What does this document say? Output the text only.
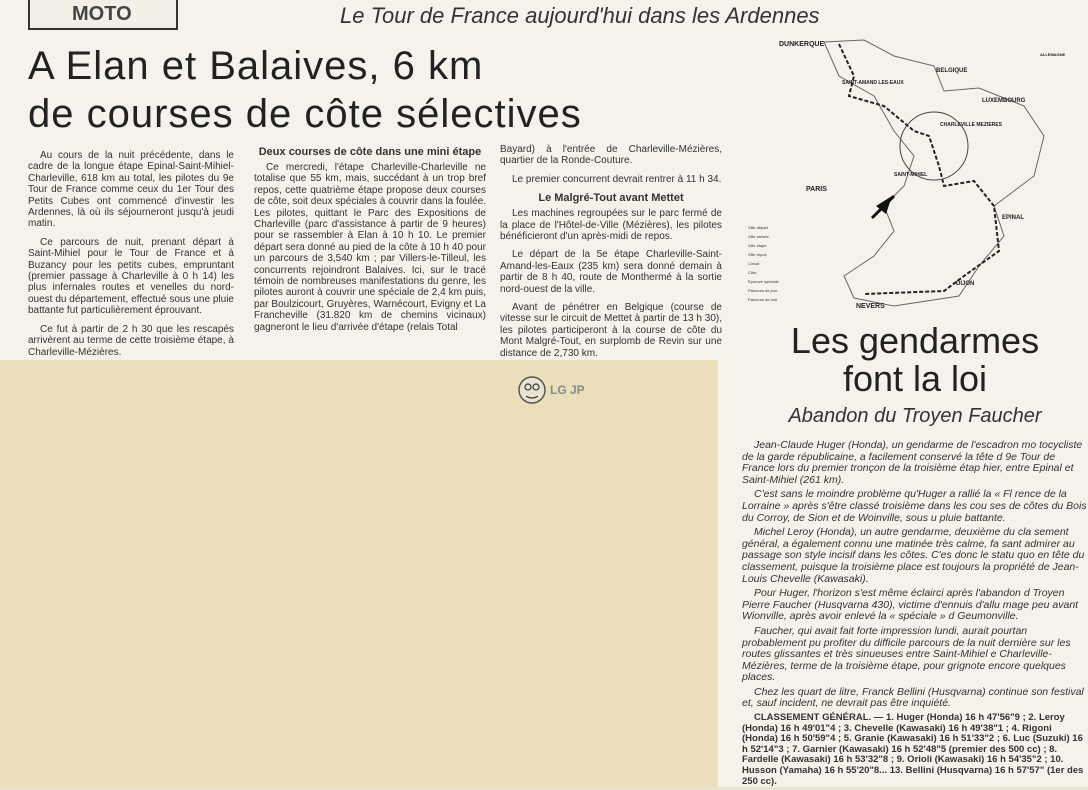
MOTO	Le Tour de France aujourd'hui dans les Ardennes
A Elan et Balaives, 6 km
de courses de côte sélectives

Au cours de la nuit précédente, dans le cadre de la longue étape Epinal-Saint-Mihiel-Charleville, 618 km au total, les pilotes du 9e Tour de France comme ceux du 1er Tour des Petits Cubes ont commencé d'investir les Ardennes, là où ils séjourneront jusqu'à jeudi matin.

Ce parcours de nuit, prenant départ à Saint-Mihiel pour le Tour de France et à Buzancy pour les petits cubes, empruntant (premier passage à Charleville à 0 h 14) les plus infernales routes et venelles du nord-ouest du département, effectué sous une pluie battante fut particulièrement éprouvant.

Ce fut à partir de 2 h 30 que les rescapés arrivèrent au terme de cette troisième étape, à Charleville-Mézières.

Deux courses de côte dans une mini étape

Ce mercredi, l'étape Charleville-Charleville ne totalise que 55 km, mais, succédant à un trop bref repos, cette quatrième étape propose deux courses de côte, soit deux spéciales à couvrir dans la foulée. Les pilotes, quittant le Parc des Expositions de Charleville (parc d'assistance à partir de 9 heures) pour se rassembler à Elan à 10 h 10. Le premier départ sera donné au pied de la côte à 10 h 40 pour un parcours de 3,540 km ; par Villers-le-Tilleul, les concurrents rejoindront Balaives. Ici, sur le tracé témoin de nombreuses manifestations du genre, les pilotes auront à couvrir une spéciale de 2,4 km puis, par Boulzicourt, Gruyères, Warnécourt, Evigny et La Francheville (31.820 km de chemins vicinaux) gagneront le lieu d'arrivée d'étape (relais Total

Bayard) à l'entrée de Charleville-Mézières, quartier de la Ronde-Couture.

Le premier concurrent devrait rentrer à 11 h 34.

Le Malgré-Tout avant Mettet

Les machines regroupées sur le parc fermé de la place de l'Hôtel-de-Ville (Mézières), les pilotes bénéficieront d'un après-midi de repos.

Le départ de la 5e étape Charleville-Saint-Amand-les-Eaux (235 km) sera donné demain à partir de 8 h 40, route de Monthermé à la sortie nord-ouest de la ville.

Avant de pénétrer en Belgique (course de vitesse sur le circuit de Mettet à partir de 13 h 30), les pilotes participeront à la course de côte du Mont Malgré-Tout, en surplomb de Revin sur une distance de 2,730 km.

DUNKERQUE
SAINT-AMAND LES-EAUX
BELGIQUE
LUXEMBOURG
CHARLEVILLE MEZIERES
SAINT-MIHIEL
PARIS
EPINAL
DIJON
NEVERS
ALLEMAGNE
Ville départ
Ville arrivée
Ville étape
Ville repos
Circuit
Côte
Epreuve spéciale
Parcours de jour
Parcours de nuit
Les gendarmes
font la loi
Abandon du Troyen Faucher

Jean-Claude Huger (Honda), un gendarme de l'escadron mo tocycliste de la garde républicaine, a facilement conservé la tête d 9e Tour de France lors du premier tronçon de la troisième étap hier, entre Epinal et Saint-Mihiel (261 km).

C'est sans le moindre problème qu'Huger a rallié la « Fl rence de la Lorraine » après s'être classé troisième dans les cou ses de côtes du Bois du Corroy, de Sion et de Woinville, sous u pluie battante.

Michel Leroy (Honda), un autre gendarme, deuxième du cla sement général, a également connu une matinée très calme, fa sant admirer au passage son style incisif dans les côtes. C'es donc le statu quo en tête du classement, puisque la troisième place est toujours la propriété de Jean-Louis Chevelle (Kawasaki).

Pour Huger, l'horizon s'est même éclairci après l'abandon d Troyen Pierre Faucher (Husqvarna 430), victime d'ennuis d'allu mage peu avant Wionville, après avoir enlevé la « spéciale » d Geumonville.

Faucher, qui avait fait forte impression lundi, aurait pourtan probablement pu profiter du difficile parcours de la nuit dernière sur les routes glissantes et très sinueuses entre Saint-Mihiel e Charleville-Mézières, terme de la troisième étape, pour grignote encore quelques places.

Chez les quart de litre, Franck Bellini (Husqvarna) continue son festival et, sauf incident, ne devrait pas être inquiété.

CLASSEMENT GÉNÉRAL. — 1. Huger (Honda) 16 h 47'56"9 ; 2. Leroy (Honda) 16 h 49'01"4 ; 3. Chevelle (Kawasaki) 16 h 49'38"1 ; 4. Rigoni (Honda) 16 h 50'59"4 ; 5. Granie (Kawasaki) 16 h 51'33"2 ; 6. Luc (Suzuki) 16 h 52'14"3 ; 7. Garnier (Kawasaki) 16 h 52'48"5 (premier des 500 cc) ; 8. Fardelle (Kawasaki) 16 h 53'32"8 ; 9. Orioli (Kawasaki) 16 h 54'35"2 ; 10. Husson (Yamaha) 16 h 55'20"8... 13. Bellini (Husqvarna) 16 h 57'57" (1er des 250 cc).

LG JP
